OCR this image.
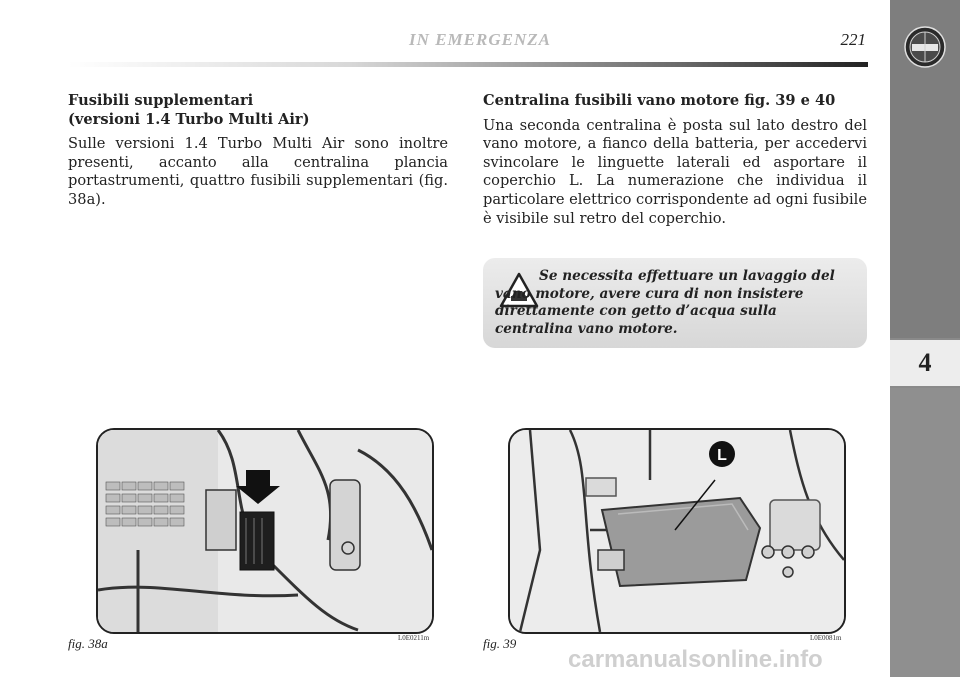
4
IN EMERGENZA	221

Fusibili supplementari
(versioni 1.4 Turbo Multi Air)

Sulle versioni 1.4 Turbo Multi Air sono inoltre presenti, accanto alla centralina plancia portastrumenti, quattro fusibili supplementari (fig. 38a).

Centralina fusibili vano motore fig. 39 e 40

Una seconda centralina è posta sul lato destro del vano motore, a fianco della batteria, per accedervi svincolare le linguette laterali ed asportare il coperchio L. La numerazione che individua il particolare elettrico corrispondente ad ogni fusibile è visibile sul retro del coperchio.

Se necessita effettuare un lavaggio del vano motore, avere cura di non insistere direttamente con getto d’acqua sulla centralina vano motore.

L
fig. 38a	L0E0211m	fig. 39	L0E0081m
carmanualsonline.info
